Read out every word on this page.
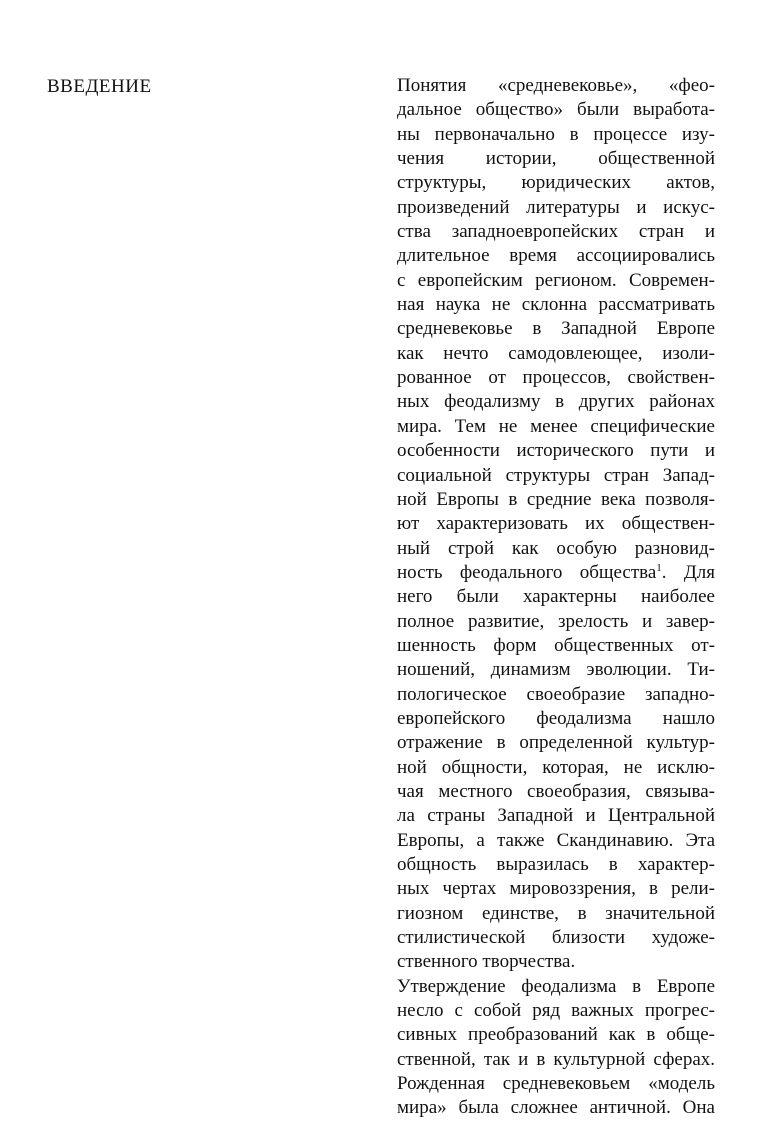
ВВЕДЕНИЕ	Понятия «средневековье», «фео-
дальное общество» были выработа-
ны первоначально в процессе изу-
чения истории, общественной
структуры, юридических актов,
произведений литературы и искус-
ства западноевропейских стран и
длительное время ассоциировались
с европейским регионом. Современ-
ная наука не склонна рассматривать
средневековье в Западной Европе
как нечто самодовлеющее, изоли-
рованное от процессов, свойствен-
ных феодализму в других районах
мира. Тем не менее специфические
особенности исторического пути и
социальной структуры стран Запад-
ной Европы в средние века позволя-
ют характеризовать их обществен-
ный строй как особую разновид-
ность феодального общества$^1$. Для
него были характерны наиболее
полное развитие, зрелость и завер-
шенность форм общественных от-
ношений, динамизм эволюции. Ти-
пологическое своеобразие западно-
европейского феодализма нашло
отражение в определенной культур-
ной общности, которая, не исклю-
чая местного своеобразия, связыва-
ла страны Западной и Центральной
Европы, а также Скандинавию. Эта
общность выразилась в характер-
ных чертах мировоззрения, в рели-
гиозном единстве, в значительной
стилистической близости художе-
ственного творчества.
Утверждение феодализма в Европе
несло с собой ряд важных прогрес-
сивных преобразований как в обще-
ственной, так и в культурной сферах.
Рожденная средневековьем «модель
мира» была сложнее античной. Она
